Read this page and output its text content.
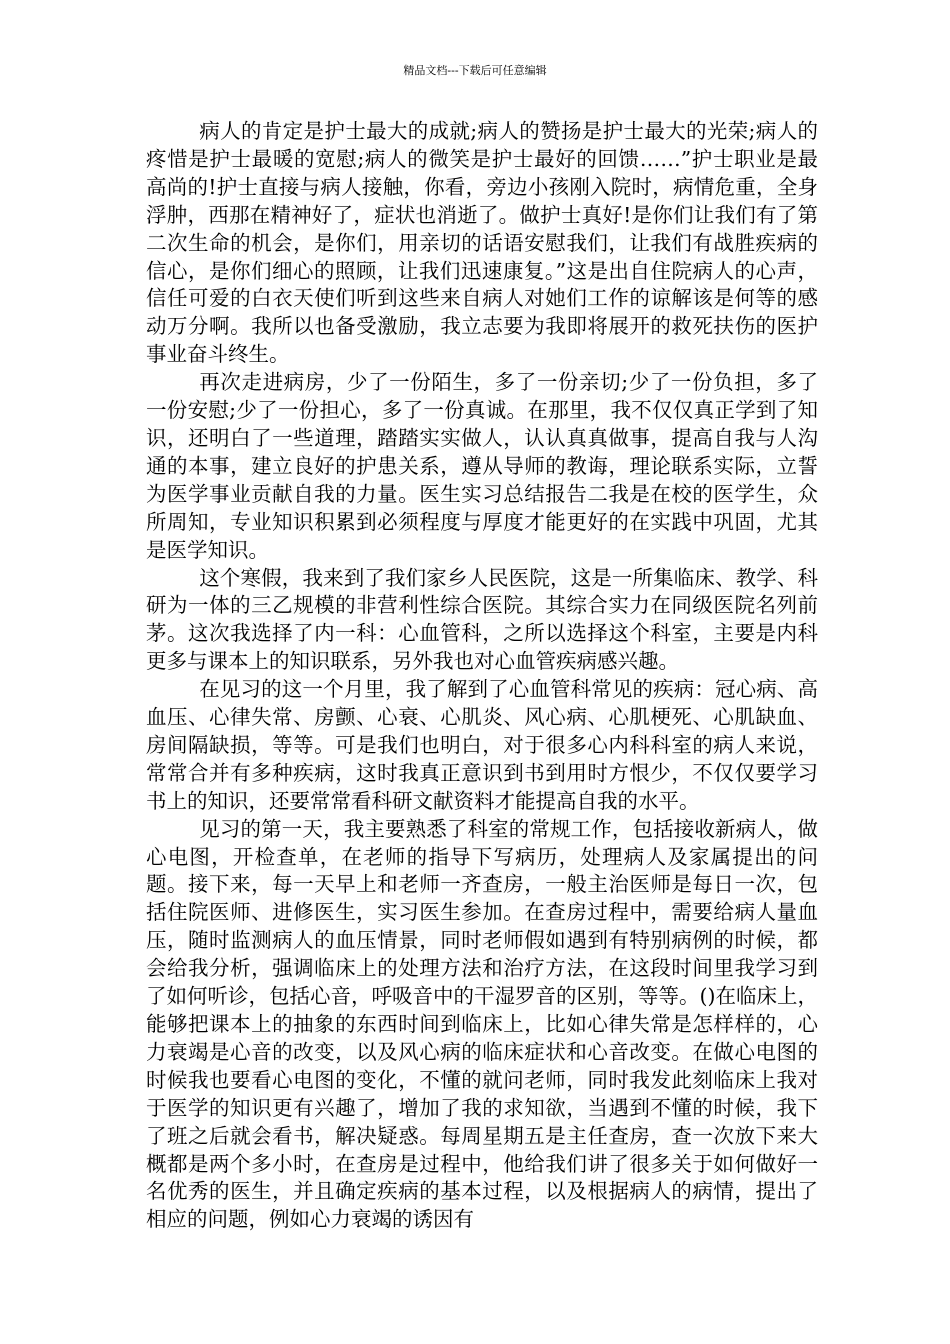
精品文档---下载后可任意编辑

病人的肯定是护士最大的成就;病人的赞扬是护士最大的光荣;病人的疼惜是护士最暖的宽慰;病人的微笑是护士最好的回馈……”护士职业是最高尚的!护士直接与病人接触，你看，旁边小孩刚入院时，病情危重，全身浮肿，西那在精神好了，症状也消逝了。做护士真好!是你们让我们有了第二次生命的机会，是你们，用亲切的话语安慰我们，让我们有战胜疾病的信心，是你们细心的照顾，让我们迅速康复。”这是出自住院病人的心声，信任可爱的白衣天使们听到这些来自病人对她们工作的谅解该是何等的感动万分啊。我所以也备受激励，我立志要为我即将展开的救死扶伤的医护事业奋斗终生。

再次走进病房，少了一份陌生，多了一份亲切;少了一份负担，多了一份安慰;少了一份担心，多了一份真诚。在那里，我不仅仅真正学到了知识，还明白了一些道理，踏踏实实做人，认认真真做事，提高自我与人沟通的本事，建立良好的护患关系，遵从导师的教诲，理论联系实际，立誓为医学事业贡献自我的力量。医生实习总结报告二我是在校的医学生，众所周知，专业知识积累到必须程度与厚度才能更好的在实践中巩固，尤其是医学知识。

这个寒假，我来到了我们家乡人民医院，这是一所集临床、教学、科研为一体的三乙规模的非营利性综合医院。其综合实力在同级医院名列前茅。这次我选择了内一科：心血管科，之所以选择这个科室，主要是内科更多与课本上的知识联系，另外我也对心血管疾病感兴趣。

在见习的这一个月里，我了解到了心血管科常见的疾病：冠心病、高血压、心律失常、房颤、心衰、心肌炎、风心病、心肌梗死、心肌缺血、房间隔缺损，等等。可是我们也明白，对于很多心内科科室的病人来说，常常合并有多种疾病，这时我真正意识到书到用时方恨少，不仅仅要学习书上的知识，还要常常看科研文献资料才能提高自我的水平。

见习的第一天，我主要熟悉了科室的常规工作，包括接收新病人，做心电图，开检查单，在老师的指导下写病历，处理病人及家属提出的问题。接下来，每一天早上和老师一齐查房，一般主治医师是每日一次，包括住院医师、进修医生，实习医生参加。在查房过程中，需要给病人量血压，随时监测病人的血压情景，同时老师假如遇到有特别病例的时候，都会给我分析，强调临床上的处理方法和治疗方法，在这段时间里我学习到了如何听诊，包括心音，呼吸音中的干湿罗音的区别，等等。()在临床上，能够把课本上的抽象的东西时间到临床上，比如心律失常是怎样样的，心力衰竭是心音的改变，以及风心病的临床症状和心音改变。在做心电图的时候我也要看心电图的变化，不懂的就问老师，同时我发此刻临床上我对于医学的知识更有兴趣了，增加了我的求知欲，当遇到不懂的时候，我下了班之后就会看书，解决疑惑。每周星期五是主任查房，查一次放下来大概都是两个多小时，在查房是过程中，他给我们讲了很多关于如何做好一名优秀的医生，并且确定疾病的基本过程，以及根据病人的病情，提出了相应的问题，例如心力衰竭的诱因有
